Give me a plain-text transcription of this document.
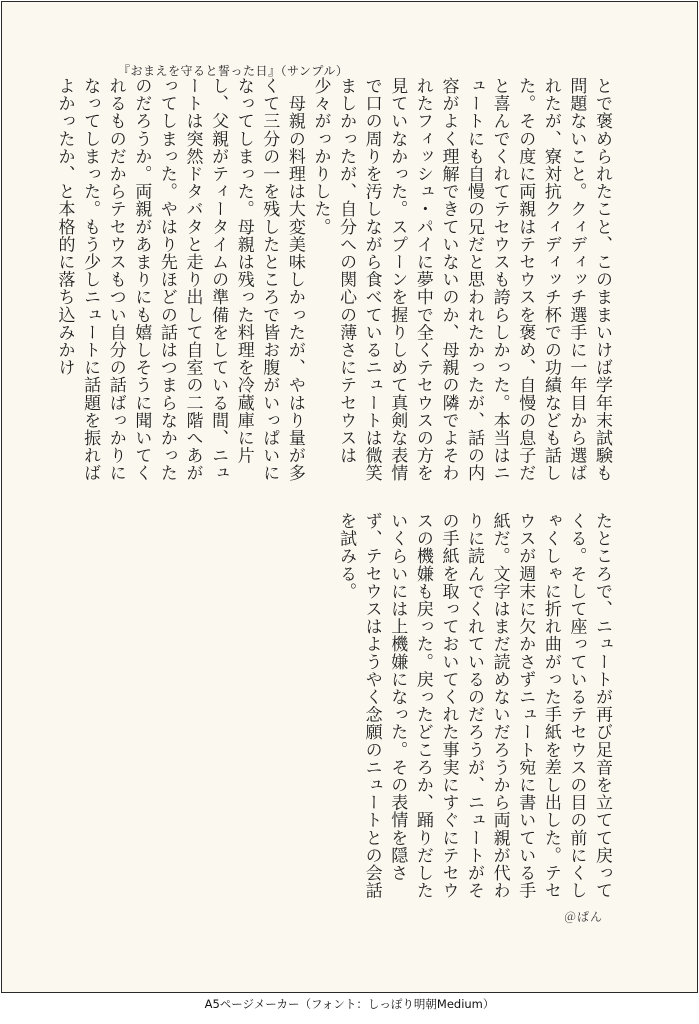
『おまえを守ると誓った日』（サンプル）

とで褒められたこと、このままいけば学年末試験も問題ないこと。クィディッチ選手に一年目から選ばれたが、寮対抗クィディッチ杯での功績なども話した。その度に両親はテセウスを褒め、自慢の息子だと喜んでくれてテセウスも誇らしかった。本当はニュートにも自慢の兄だと思われたかったが、話の内容がよく理解できていないのか、母親の隣でよそわれたフィッシュ・パイに夢中で全くテセウスの方を見ていなかった。スプーンを握りしめて真剣な表情で口の周りを汚しながら食べているニュートは微笑ましかったが、自分への関心の薄さにテセウスは少々がっかりした。

　母親の料理は大変美味しかったが、やはり量が多くて三分の一を残したところで皆お腹がいっぱいになってしまった。母親は残った料理を冷蔵庫に片し、父親がティータイムの準備をしている間、ニュートは突然ドタバタと走り出して自室の二階へあがってしまった。やはり先ほどの話はつまらなかったのだろうか。両親があまりにも嬉しそうに聞いてくれるものだからテセウスもつい自分の話ばっかりになってしまった。もう少しニュートに話題を振ればよかったか、と本格的に落ち込みかけ

たところで、ニュートが再び足音を立てて戻ってくる。そして座っているテセウスの目の前にくしゃくしゃに折れ曲がった手紙を差し出した。テセウスが週末に欠かさずニュート宛に書いている手紙だ。文字はまだ読めないだろうから両親が代わりに読んでくれているのだろうが、ニュートがその手紙を取っておいてくれた事実にすぐにテセウスの機嫌も戻った。戻ったどころか、踊りだしたいくらいには上機嫌になった。その表情を隠さず、テセウスはようやく念願のニュートとの会話を試みる。

＠ぱん
A5ページメーカー（フォント：しっぽり明朝Medium）
